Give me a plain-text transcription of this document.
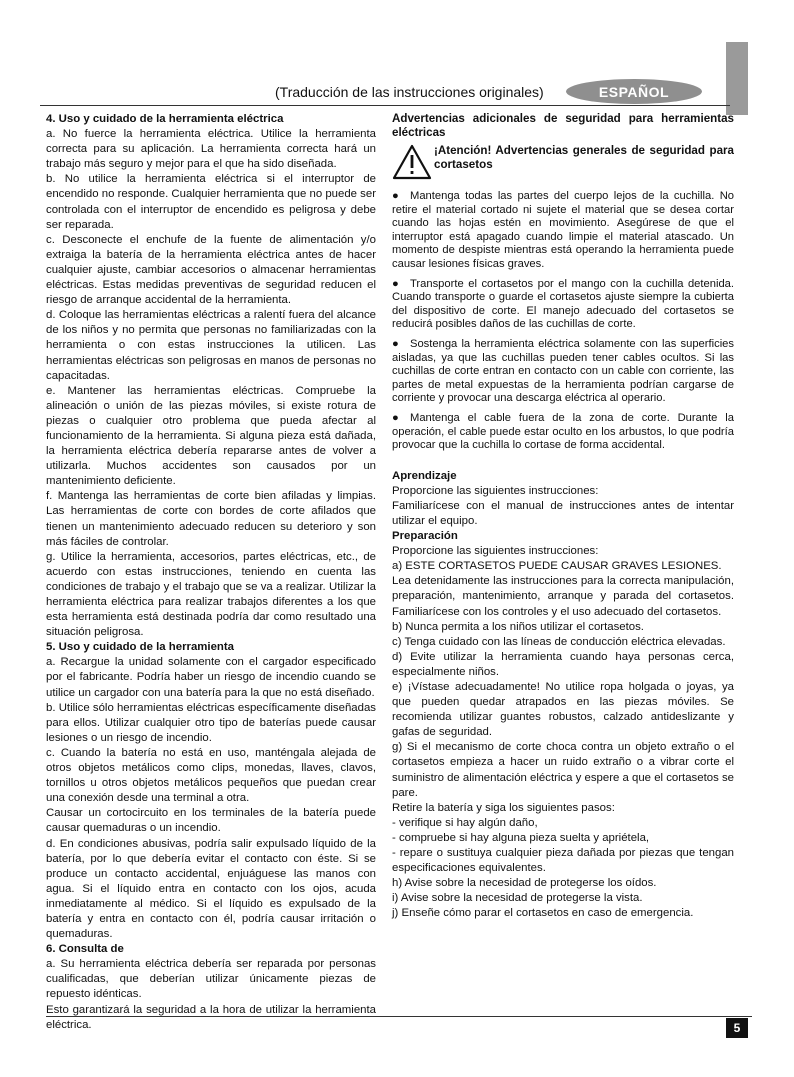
(Traducción de las instrucciones originales)	ESPAÑOL
4. Uso y cuidado de la herramienta eléctrica

a. No fuerce la herramienta eléctrica. Utilice la herramienta correcta para su aplicación. La herramienta correcta hará un trabajo más seguro y mejor para el que ha sido diseñada.

b. No utilice la herramienta eléctrica si el interruptor de encendido no responde. Cualquier herramienta que no puede ser controlada con el interruptor de encendido es peligrosa y debe ser reparada.

c. Desconecte el enchufe de la fuente de alimentación y/o extraiga la batería de la herramienta eléctrica antes de hacer cualquier ajuste, cambiar accesorios o almacenar herramientas eléctricas. Estas medidas preventivas de seguridad reducen el riesgo de arranque accidental de la herramienta.

d. Coloque las herramientas eléctricas a ralentí fuera del alcance de los niños y no permita que personas no familiarizadas con la herramienta o con estas instrucciones la utilicen. Las herramientas eléctricas son peligrosas en manos de personas no capacitadas.

e. Mantener las herramientas eléctricas. Compruebe la alineación o unión de las piezas móviles, si existe rotura de piezas o cualquier otro problema que pueda afectar al funcionamiento de la herramienta. Si alguna pieza está dañada, la herramienta eléctrica debería repararse antes de volver a utilizarla. Muchos accidentes son causados por un mantenimiento deficiente.

f. Mantenga las herramientas de corte bien afiladas y limpias. Las herramientas de corte con bordes de corte afilados que tienen un mantenimiento adecuado reducen su deterioro y son más fáciles de controlar.

g. Utilice la herramienta, accesorios, partes eléctricas, etc., de acuerdo con estas instrucciones, teniendo en cuenta las condiciones de trabajo y el trabajo que se va a realizar. Utilizar la herramienta eléctrica para realizar trabajos diferentes a los que esta herramienta está destinada podría dar como resultado una situación peligrosa.

5. Uso y cuidado de la herramienta

a. Recargue la unidad solamente con el cargador especificado por el fabricante. Podría haber un riesgo de incendio cuando se utilice un cargador con una batería para la que no está diseñado.

b. Utilice sólo herramientas eléctricas específicamente diseñadas para ellos. Utilizar cualquier otro tipo de baterías puede causar lesiones o un riesgo de incendio.

c. Cuando la batería no está en uso, manténgala alejada de otros objetos metálicos como clips, monedas, llaves, clavos, tornillos u otros objetos metálicos pequeños que puedan crear una conexión desde una terminal a otra.

Causar un cortocircuito en los terminales de la batería puede causar quemaduras o un incendio.

d. En condiciones abusivas, podría salir expulsado líquido de la batería, por lo que debería evitar el contacto con éste. Si se produce un contacto accidental, enjuáguese las manos con agua. Si el líquido entra en contacto con los ojos, acuda inmediatamente al médico. Si el líquido es expulsado de la batería y entra en contacto con él, podría causar irritación o quemaduras.

6. Consulta de

a. Su herramienta eléctrica debería ser reparada por personas cualificadas, que deberían utilizar únicamente piezas de repuesto idénticas.

Esto garantizará la seguridad a la hora de utilizar la herramienta eléctrica.

Advertencias adicionales de seguridad para herramientas eléctricas
¡Atención! Advertencias generales de seguridad para cortasetos

● Mantenga todas las partes del cuerpo lejos de la cuchilla. No retire el material cortado ni sujete el material que se desea cortar cuando las hojas estén en movimiento. Asegúrese de que el interruptor está apagado cuando limpie el material atascado. Un momento de despiste mientras está operando la herramienta puede causar lesiones físicas graves.

● Transporte el cortasetos por el mango con la cuchilla detenida. Cuando transporte o guarde el cortasetos ajuste siempre la cubierta del dispositivo de corte. El manejo adecuado del cortasetos se reducirá posibles daños de las cuchillas de corte.

● Sostenga la herramienta eléctrica solamente con las superficies aisladas, ya que las cuchillas pueden tener cables ocultos. Si las cuchillas de corte entran en contacto con un cable con corriente, las partes de metal expuestas de la herramienta podrían cargarse de corriente y provocar una descarga eléctrica al operario.

● Mantenga el cable fuera de la zona de corte. Durante la operación, el cable puede estar oculto en los arbustos, lo que podría provocar que la cuchilla lo cortase de forma accidental.

Aprendizaje

Proporcione las siguientes instrucciones:

Familiarícese con el manual de instrucciones antes de intentar utilizar el equipo.

Preparación

Proporcione las siguientes instrucciones:

a) ESTE CORTASETOS PUEDE CAUSAR GRAVES LESIONES.

Lea detenidamente las instrucciones para la correcta manipulación, preparación, mantenimiento, arranque y parada del cortasetos. Familiarícese con los controles y el uso adecuado del cortasetos.

b) Nunca permita a los niños utilizar el cortasetos.

c) Tenga cuidado con las líneas de conducción eléctrica elevadas.

d) Evite utilizar la herramienta cuando haya personas cerca, especialmente niños.

e) ¡Vístase adecuadamente! No utilice ropa holgada o joyas, ya que pueden quedar atrapados en las piezas móviles. Se recomienda utilizar guantes robustos, calzado antideslizante y gafas de seguridad.

g) Si el mecanismo de corte choca contra un objeto extraño o el cortasetos empieza a hacer un ruido extraño o a vibrar corte el suministro de alimentación eléctrica y espere a que el cortasetos se pare.

Retire la batería y siga los siguientes pasos:

- verifique si hay algún daño,

- compruebe si hay alguna pieza suelta y apriétela,

- repare o sustituya cualquier pieza dañada por piezas que tengan especificaciones equivalentes.

h) Avise sobre la necesidad de protegerse los oídos.

i) Avise sobre la necesidad de protegerse la vista.

j) Enseñe cómo parar el cortasetos en caso de emergencia.

5
